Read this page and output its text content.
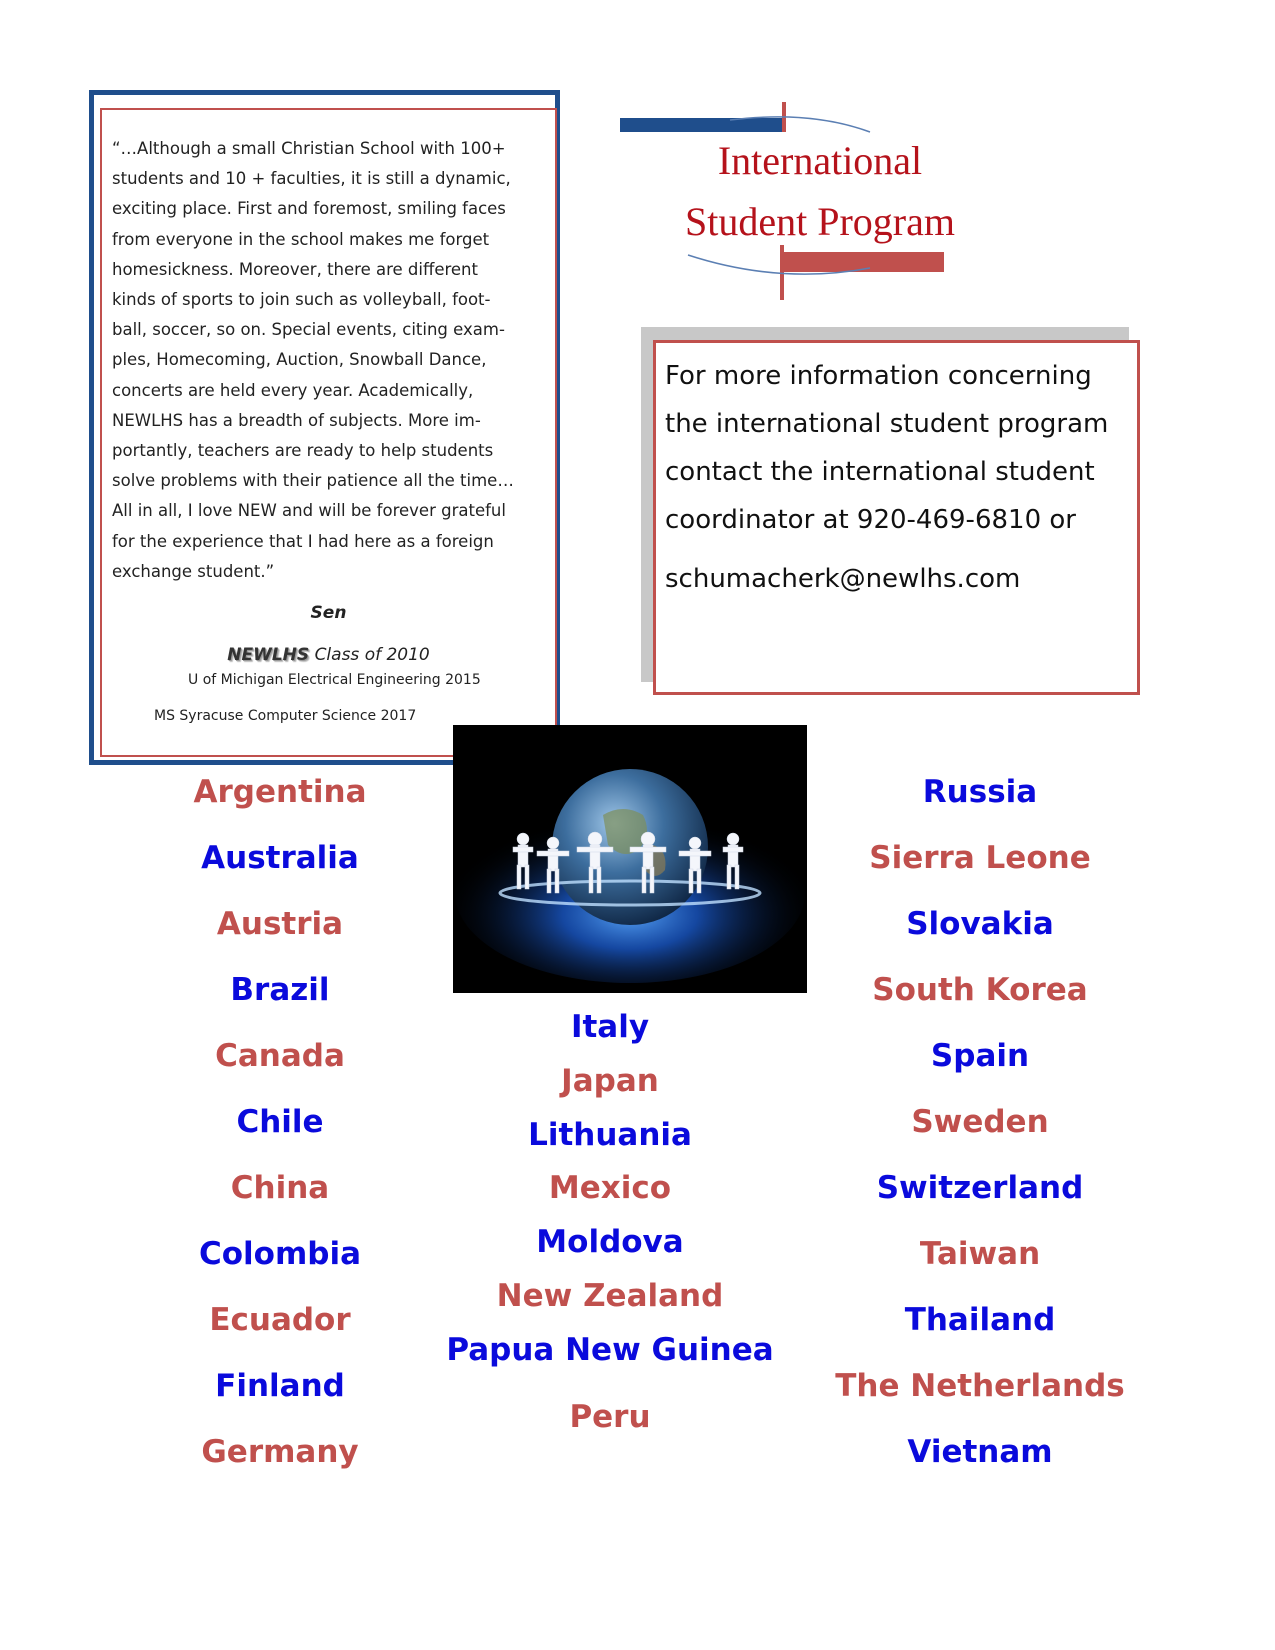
“…Although a small Christian School with 100+
students and 10 + faculties, it is still a dynamic,
exciting place. First and foremost, smiling faces
from everyone in the school makes me forget
homesickness. Moreover, there are different
kinds of sports to join such as volleyball, foot-
ball, soccer, so on. Special events, citing exam-
ples, Homecoming, Auction, Snowball Dance,
concerts are held every year. Academically,
NEWLHS has a breadth of subjects. More im-
portantly, teachers are ready to help students
solve problems with their patience all the time…
All in all, I love NEW and will be forever grateful
for the experience that I had here as a foreign
exchange student.”
Sen
NEWLHS Class of 2010
U of Michigan Electrical Engineering 2015
MS Syracuse Computer Science 2017
International
Student Program
For more information concerning
the international student program
contact the international student
coordinator at 920-469-6810 or
schumacherk@newlhs.com
Argentina
Australia
Austria
Brazil
Canada
Chile
China
Colombia
Ecuador
Finland
Germany
Italy
Japan
Lithuania
Mexico
Moldova
New Zealand
Papua New Guinea
Peru
Russia
Sierra Leone
Slovakia
South Korea
Spain
Sweden
Switzerland
Taiwan
Thailand
The Netherlands
Vietnam
